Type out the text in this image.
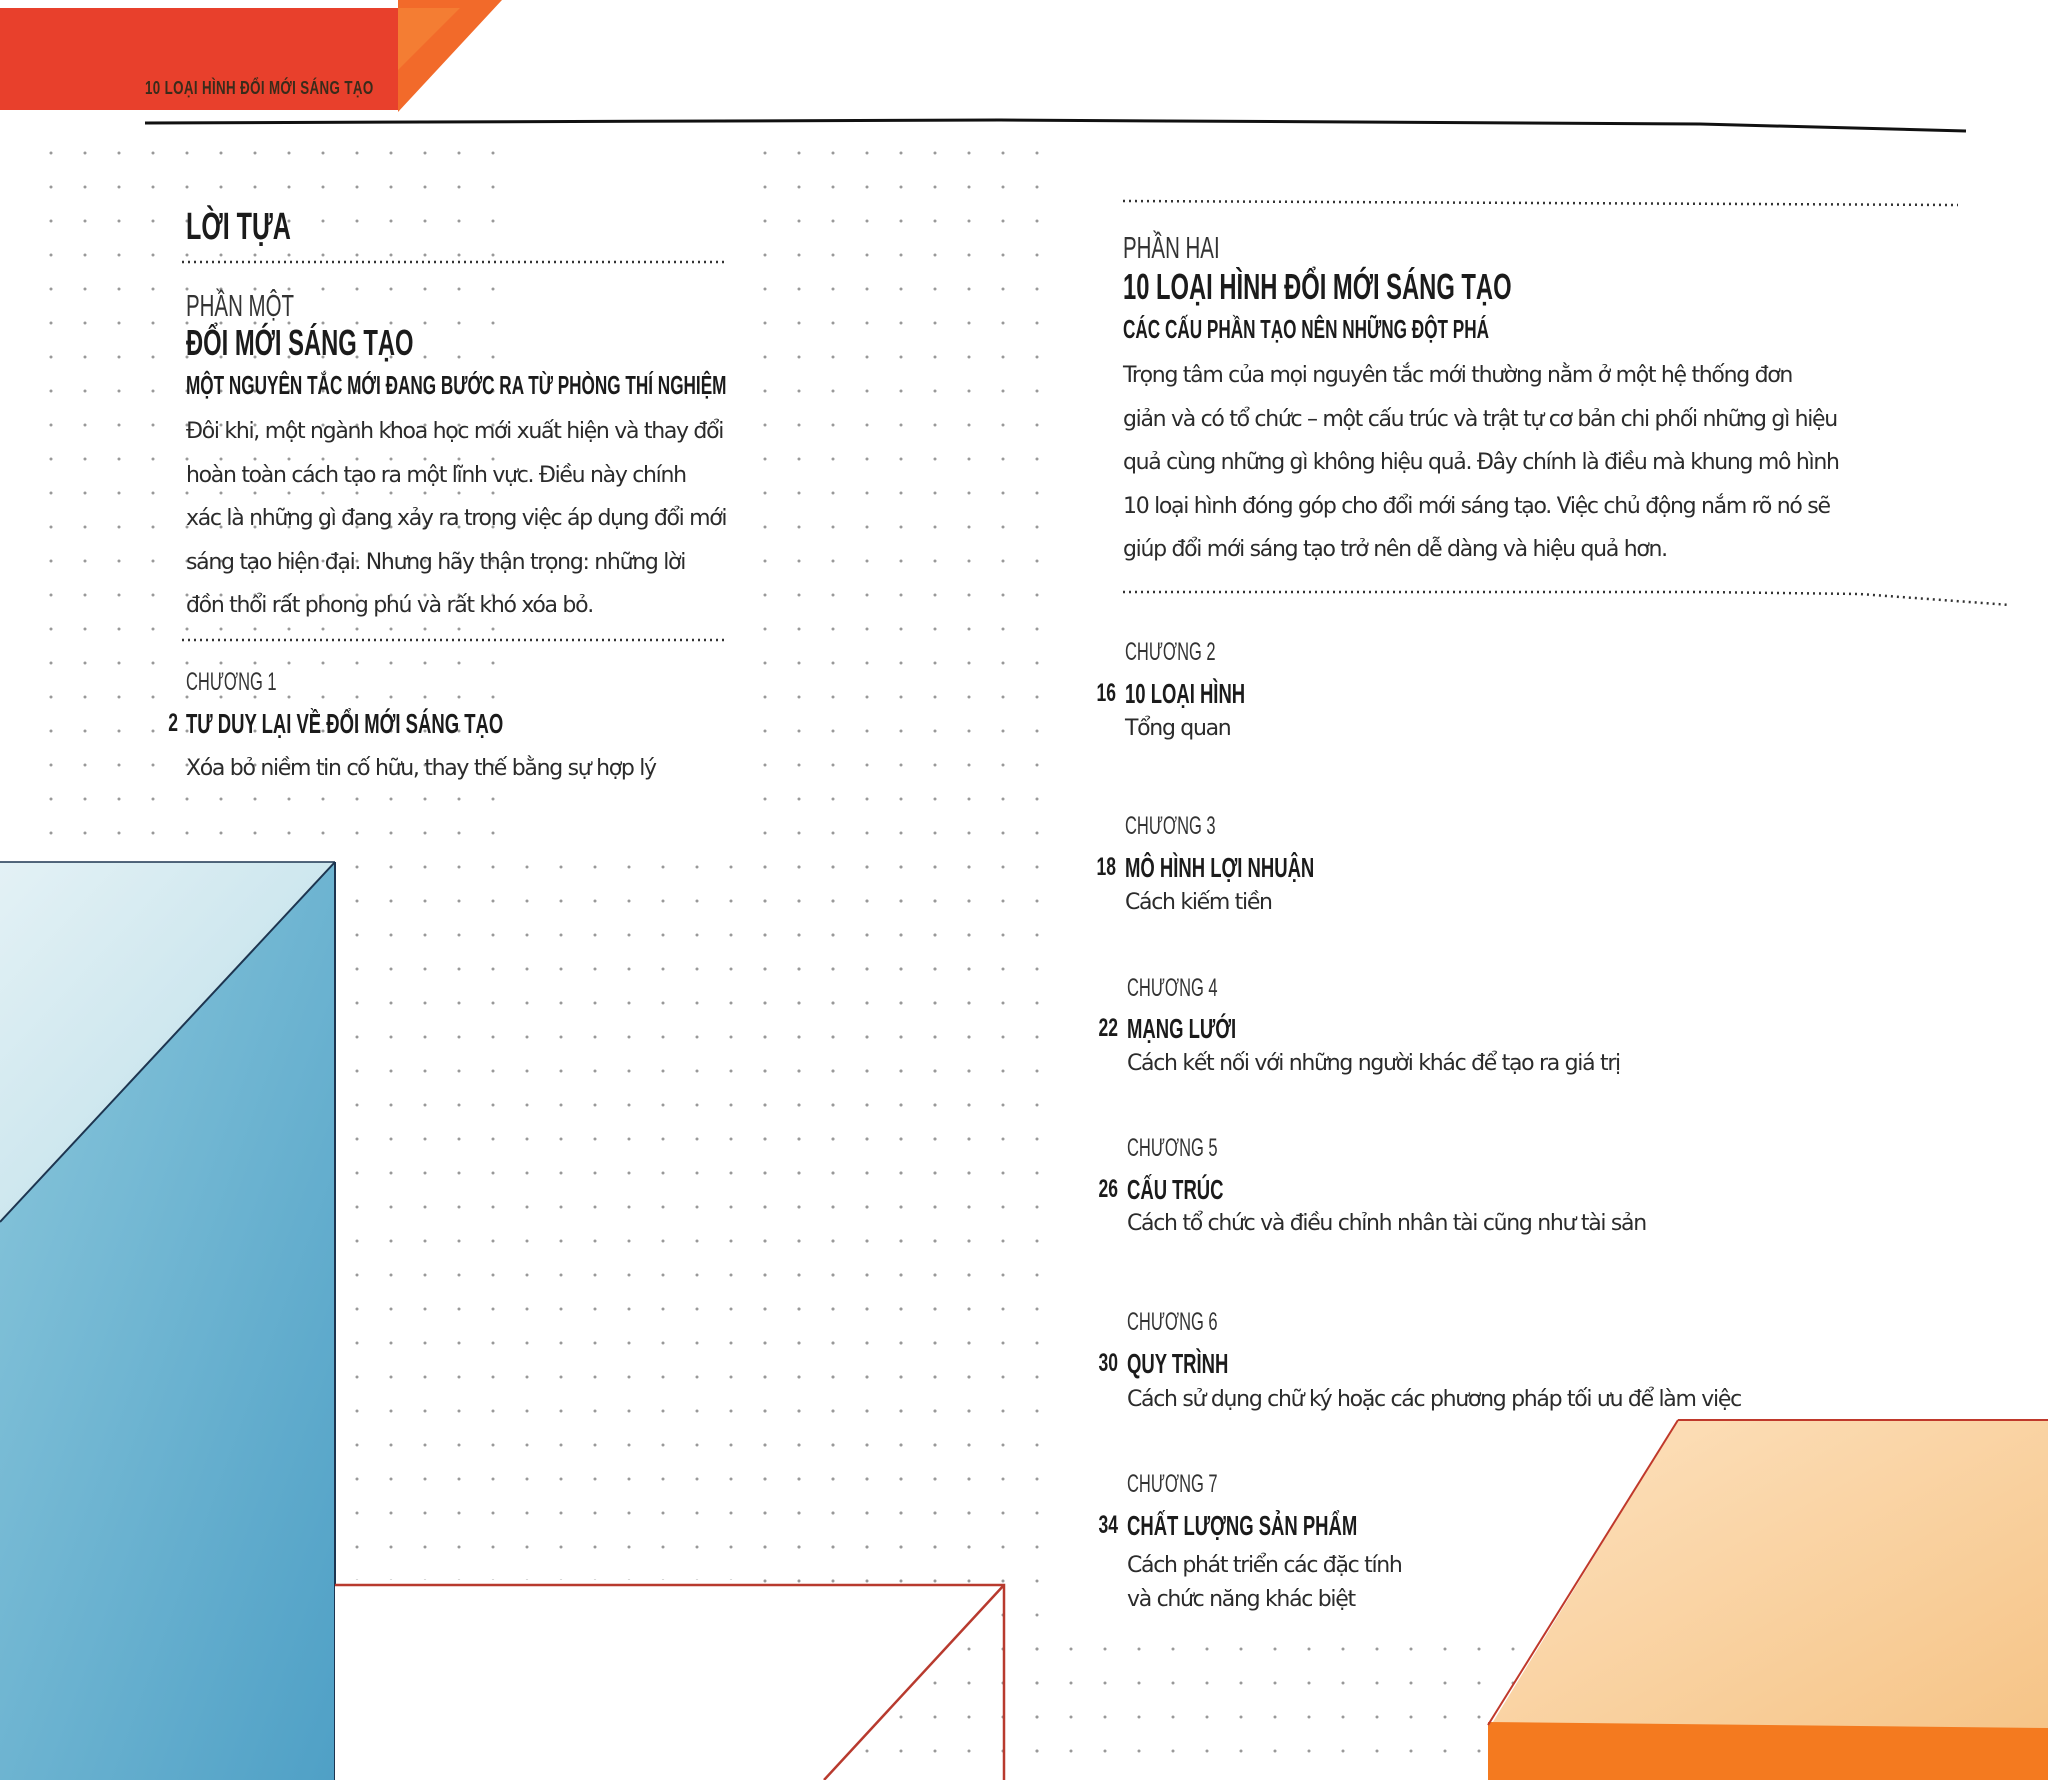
10 LOẠI HÌNH ĐỔI MỚI SÁNG TẠO
LỜI TỰA
PHẦN MỘT
ĐỔI MỚI SÁNG TẠO
MỘT NGUYÊN TẮC MỚI ĐANG BƯỚC RA TỪ PHÒNG THÍ NGHIỆM
Đôi khi, một ngành khoa học mới xuất hiện và thay đổi
hoàn toàn cách tạo ra một lĩnh vực. Điều này chính
xác là những gì đang xảy ra trong việc áp dụng đổi mới
sáng tạo hiện đại. Nhưng hãy thận trọng: những lời
đồn thổi rất phong phú và rất khó xóa bỏ.
CHƯƠNG 1
2 TƯ DUY LẠI VỀ ĐỔI MỚI SÁNG TẠO
Xóa bỏ niềm tin cố hữu, thay thế bằng sự hợp lý
PHẦN HAI
10 LOẠI HÌNH ĐỔI MỚI SÁNG TẠO
CÁC CẤU PHẦN TẠO NÊN NHỮNG ĐỘT PHÁ
Trọng tâm của mọi nguyên tắc mới thường nằm ở một hệ thống đơn
giản và có tổ chức – một cấu trúc và trật tự cơ bản chi phối những gì hiệu
quả cùng những gì không hiệu quả. Đây chính là điều mà khung mô hình
10 loại hình đóng góp cho đổi mới sáng tạo. Việc chủ động nắm rõ nó sẽ
giúp đổi mới sáng tạo trở nên dễ dàng và hiệu quả hơn.
CHƯƠNG 2
16 10 LOẠI HÌNH
Tổng quan
CHƯƠNG 3
18 MÔ HÌNH LỢI NHUẬN
Cách kiếm tiền
CHƯƠNG 4
22 MẠNG LƯỚI
Cách kết nối với những người khác để tạo ra giá trị
CHƯƠNG 5
26 CẤU TRÚC
Cách tổ chức và điều chỉnh nhân tài cũng như tài sản
CHƯƠNG 6
30 QUY TRÌNH
Cách sử dụng chữ ký hoặc các phương pháp tối ưu để làm việc
CHƯƠNG 7
34 CHẤT LƯỢNG SẢN PHẨM
Cách phát triển các đặc tính
và chức năng khác biệt
